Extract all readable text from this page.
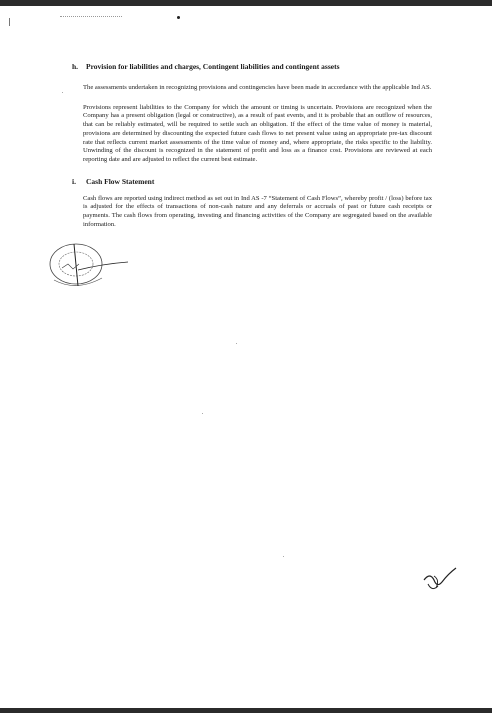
h. Provision for liabilities and charges, Contingent liabilities and contingent assets

The assessments undertaken in recognizing provisions and contingencies have been made in accordance with the applicable Ind AS.

Provisions represent liabilities to the Company for which the amount or timing is uncertain. Provisions are recognized when the Company has a present obligation (legal or constructive), as a result of past events, and it is probable that an outflow of resources, that can be reliably estimated, will be required to settle such an obligation. If the effect of the time value of money is material, provisions are determined by discounting the expected future cash flows to net present value using an appropriate pre-tax discount rate that reflects current market assessments of the time value of money and, where appropriate, the risks specific to the liability. Unwinding of the discount is recognized in the statement of profit and loss as a finance cost. Provisions are reviewed at each reporting date and are adjusted to reflect the current best estimate.

i. Cash Flow Statement

Cash flows are reported using indirect method as set out in Ind AS -7 “Statement of Cash Flows”, whereby profit / (loss) before tax is adjusted for the effects of transactions of non-cash nature and any deferrals or accruals of past or future cash receipts or payments. The cash flows from operating, investing and financing activities of the Company are segregated based on the available information.
